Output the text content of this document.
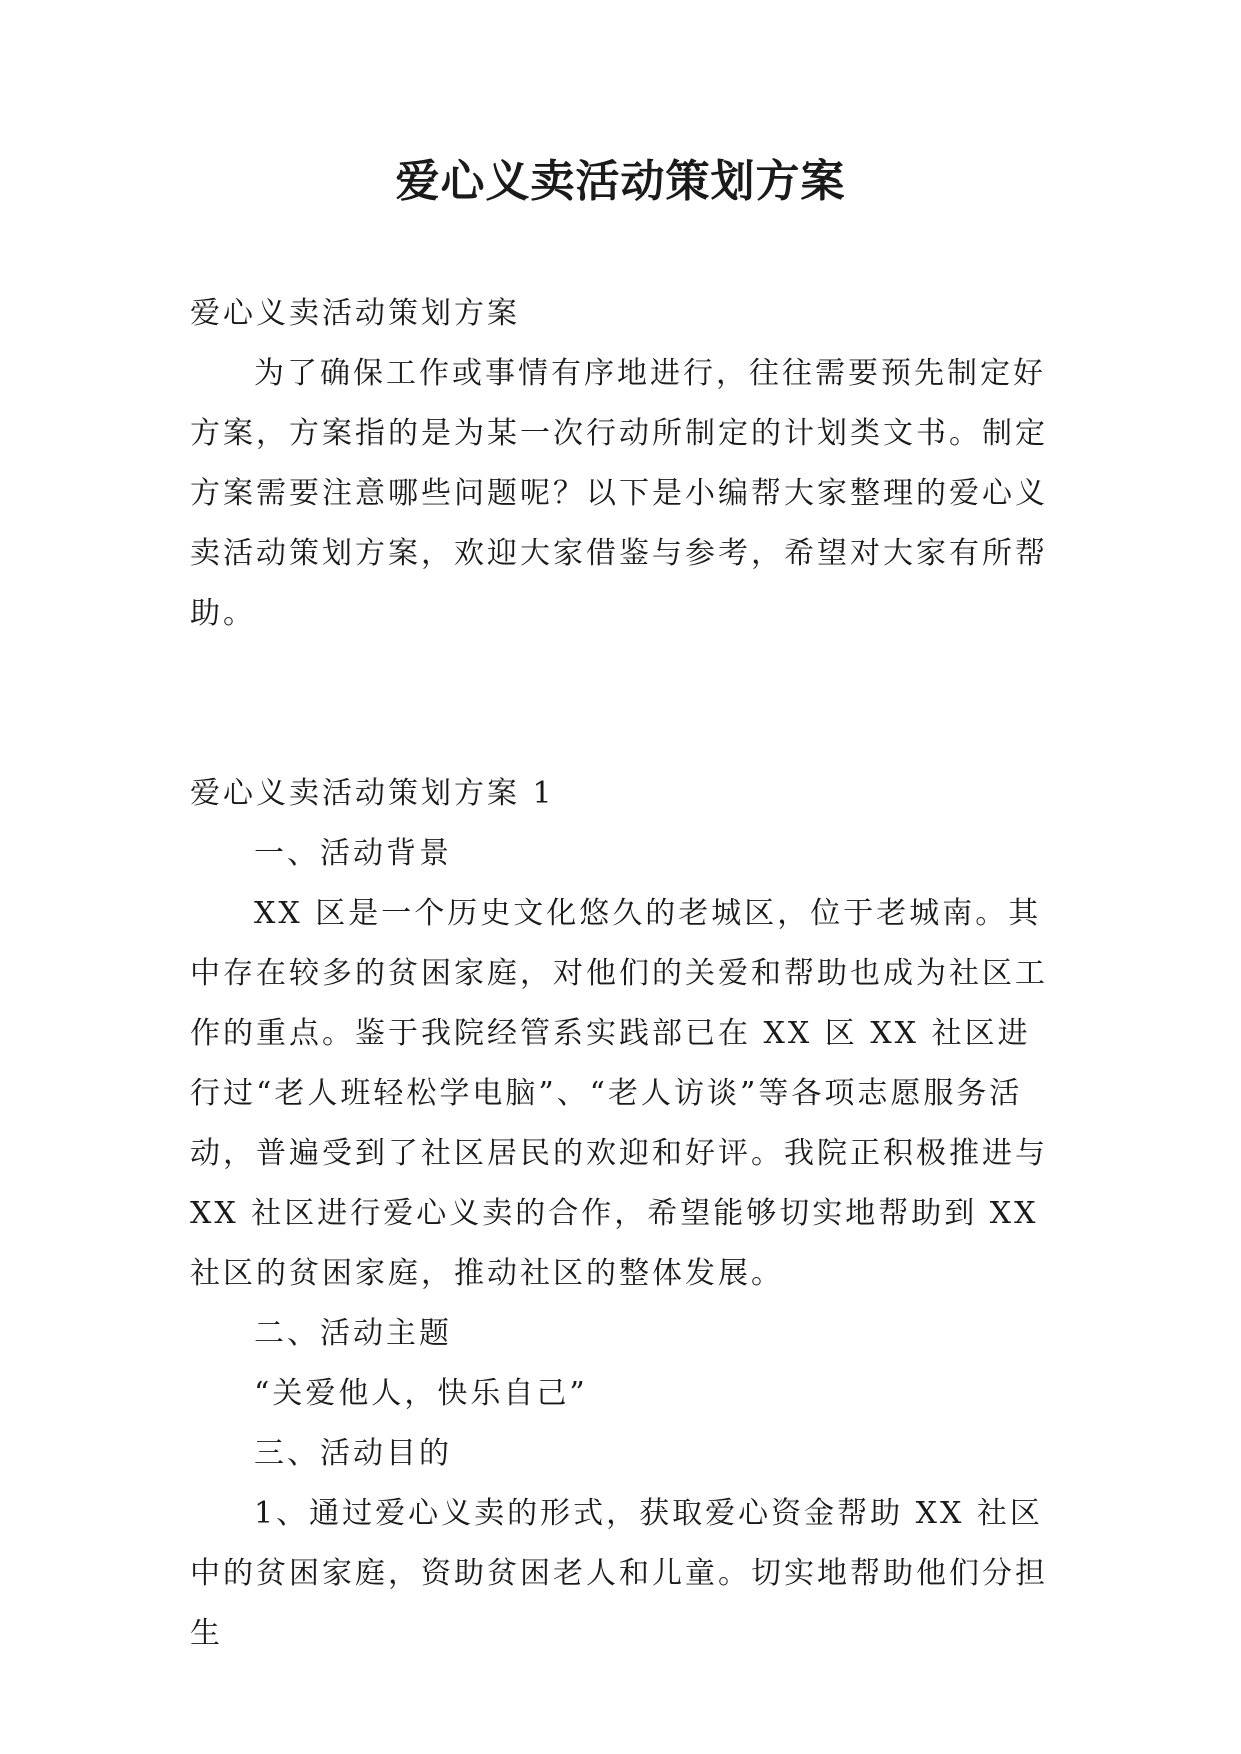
爱心义卖活动策划方案

爱心义卖活动策划方案

为了确保工作或事情有序地进行，往往需要预先制定好方案，方案指的是为某一次行动所制定的计划类文书。制定方案需要注意哪些问题呢？以下是小编帮大家整理的爱心义卖活动策划方案，欢迎大家借鉴与参考，希望对大家有所帮助。

爱心义卖活动策划方案 1

一、活动背景

XX 区是一个历史文化悠久的老城区，位于老城南。其中存在较多的贫困家庭，对他们的关爱和帮助也成为社区工作的重点。鉴于我院经管系实践部已在 XX 区 XX 社区进行过“老人班轻松学电脑”、“老人访谈”等各项志愿服务活动，普遍受到了社区居民的欢迎和好评。我院正积极推进与 XX 社区进行爱心义卖的合作，希望能够切实地帮助到 XX 社区的贫困家庭，推动社区的整体发展。

二、活动主题

“关爱他人，快乐自己”

三、活动目的

1、通过爱心义卖的形式，获取爱心资金帮助 XX 社区中的贫困家庭，资助贫困老人和儿童。切实地帮助他们分担生
